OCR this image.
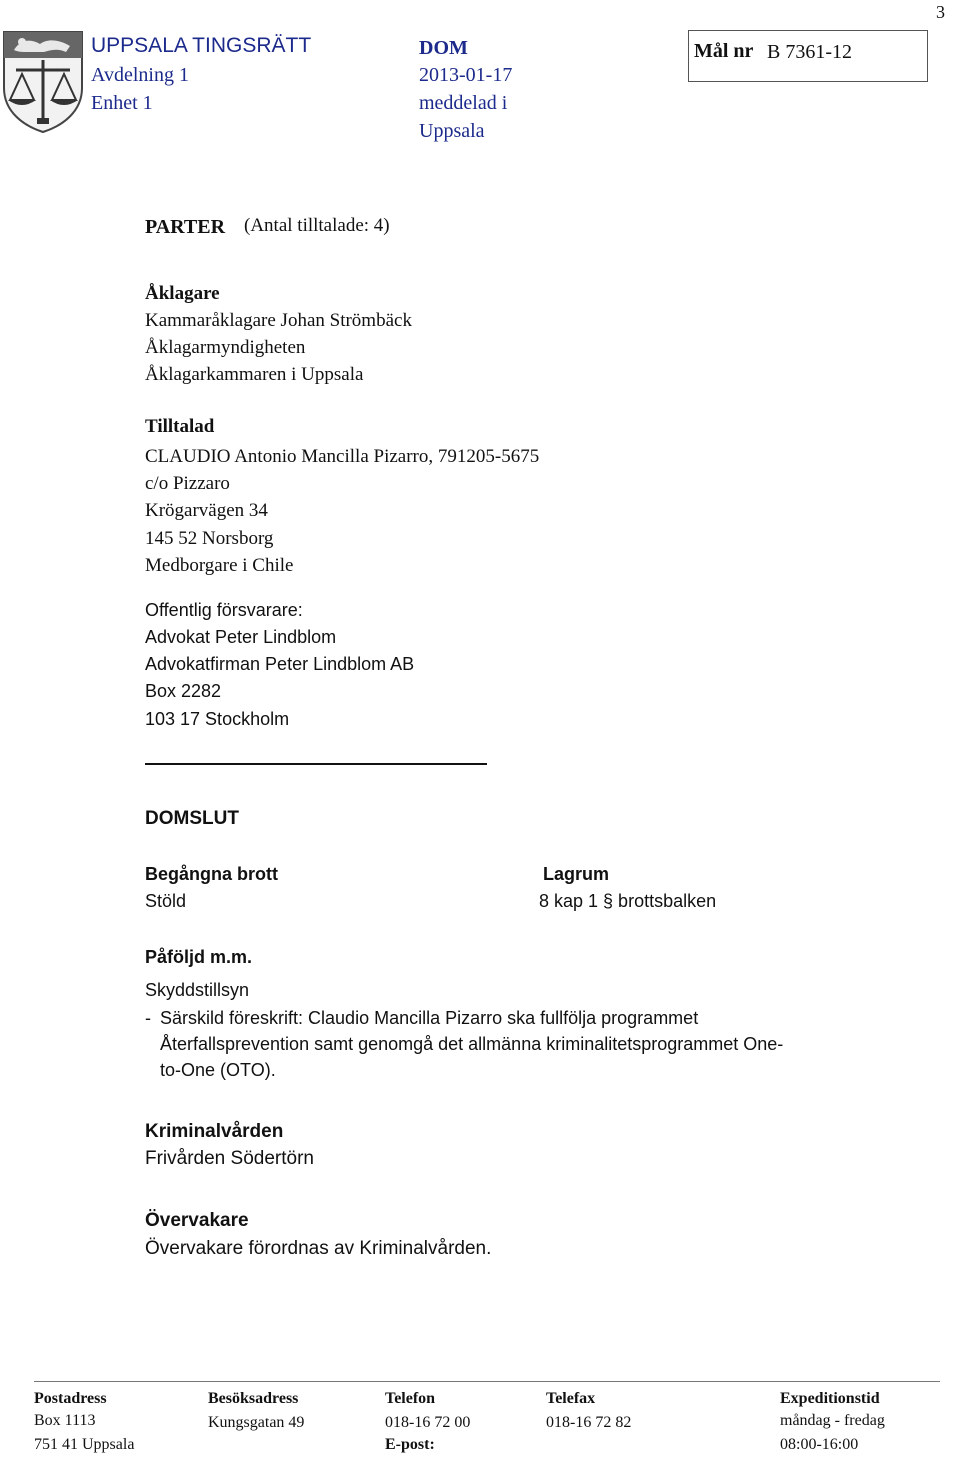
3
UPPSALA TINGSRÄTT
Avdelning 1
Enhet 1
DOM
2013-01-17
meddelad i
Uppsala
Mål nr B 7361-12
PARTER (Antal tilltalade: 4)
Åklagare
Kammaråklagare Johan Strömbäck
Åklagarmyndigheten
Åklagarkammaren i Uppsala
Tilltalad
CLAUDIO Antonio Mancilla Pizarro, 791205-5675
c/o Pizzaro
Krögarvägen 34
145 52 Norsborg
Medborgare i Chile
Offentlig försvarare:
Advokat Peter Lindblom
Advokatfirman Peter Lindblom AB
Box 2282
103 17 Stockholm
DOMSLUT
Begångna brott
Stöld
Lagrum
8 kap 1 § brottsbalken
Påföljd m.m.
Skyddstillsyn
- Särskild föreskrift: Claudio Mancilla Pizarro ska fullfölja programmet
Återfallsprevention samt genomgå det allmänna kriminalitetsprogrammet One-
to-One (OTO).
Kriminalvården
Frivården Södertörn
Övervakare
Övervakare förordnas av Kriminalvården.
Postadress
Box 1113
751 41 Uppsala
Besöksadress
Kungsgatan 49
Telefon
018-16 72 00
E-post:
Telefax
018-16 72 82
Expeditionstid
måndag - fredag
08:00-16:00
